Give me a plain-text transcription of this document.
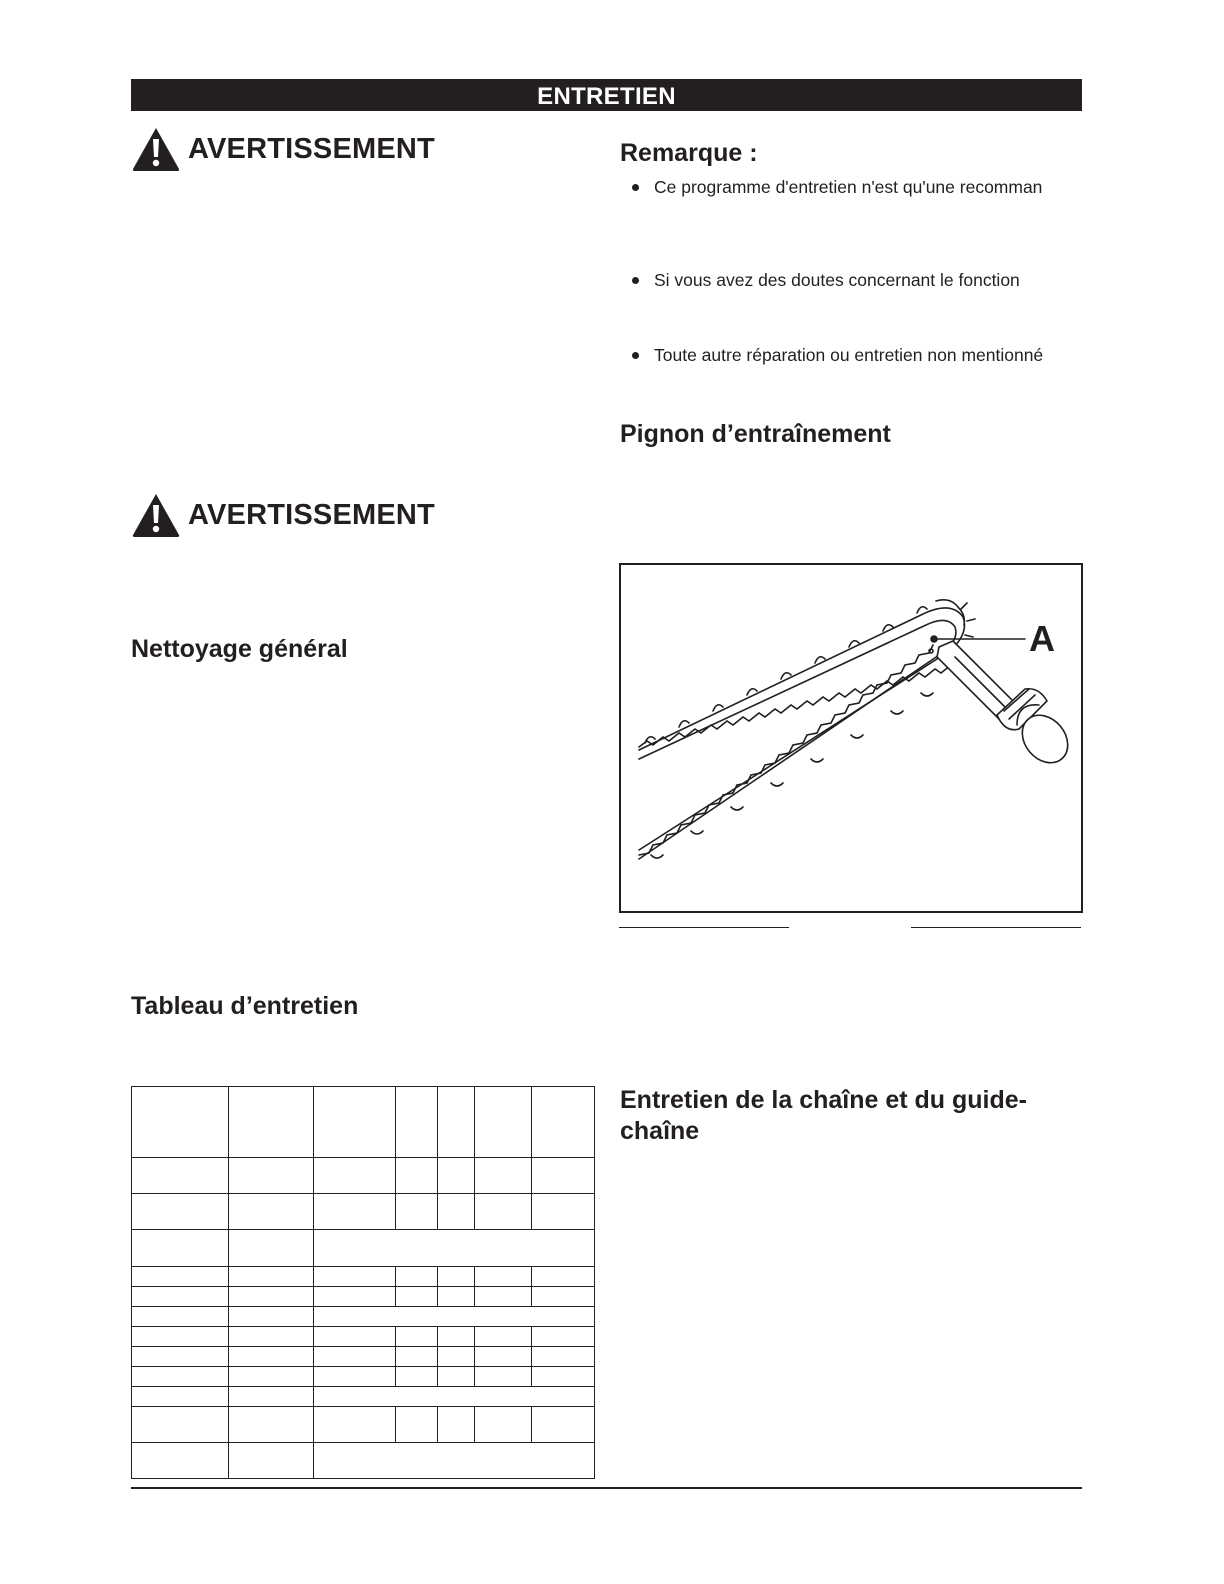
ENTRETIEN
AVERTISSEMENT
AVERTISSEMENT
Nettoyage général
Tableau d’entretien

Remarque :
Ce programme d'entretien n'est qu'une recomman
Si vous avez des doutes concernant le fonction
Toute autre réparation ou entretien non mentionné
Pignon d’entraînement
A
Entretien de la chaîne et du guide-
chaîne
